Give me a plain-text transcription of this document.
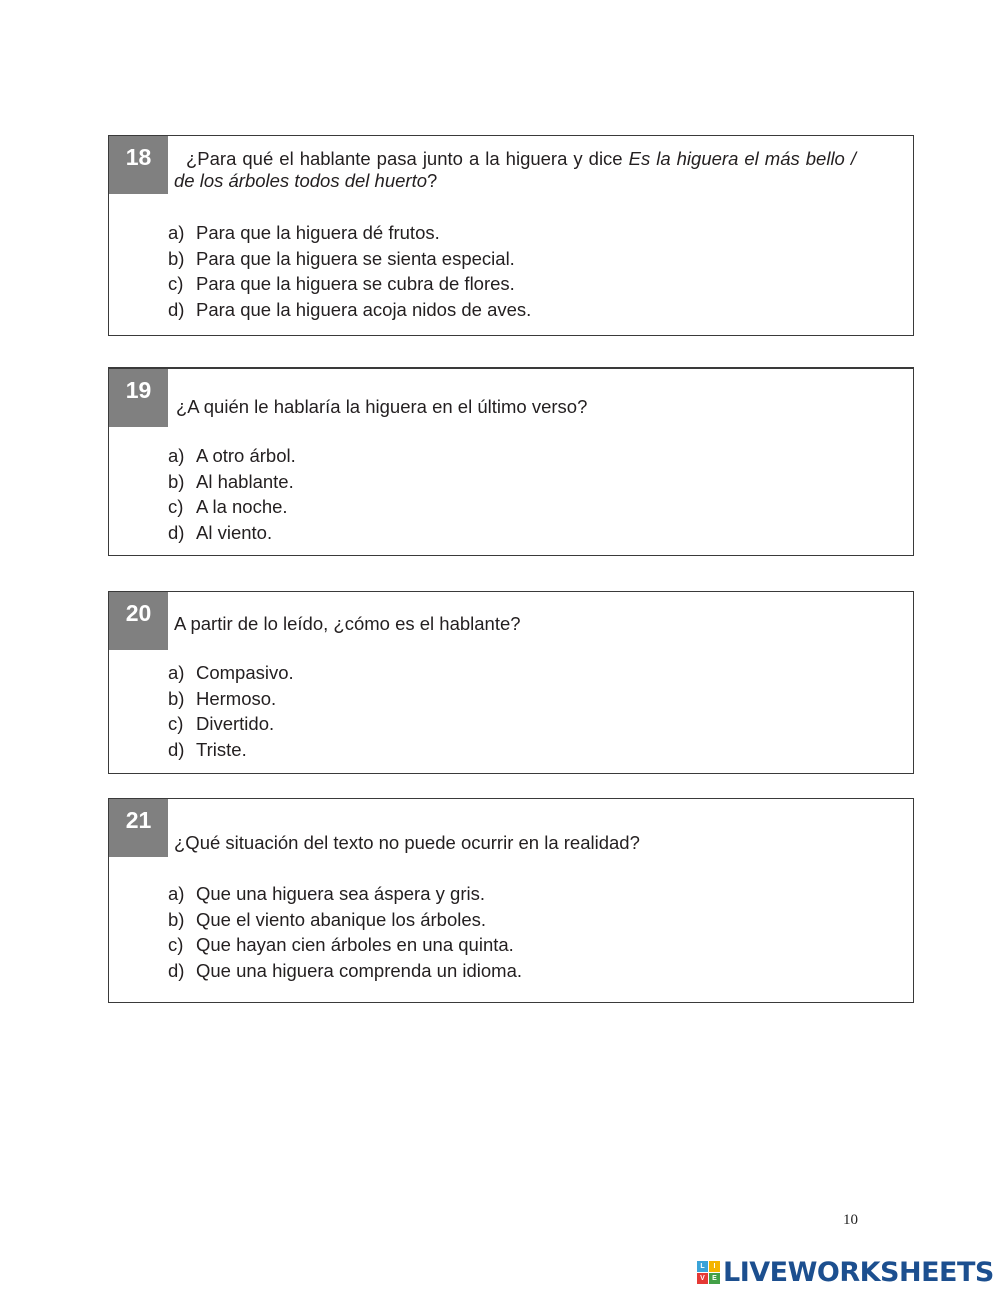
18	¿Para qué el hablante pasa junto a la higuera y dice Es la higuera el más bello / de los árboles todos del huerto?
a) Para que la higuera dé frutos.
b) Para que la higuera se sienta especial.
c) Para que la higuera se cubra de flores.
d) Para que la higuera acoja nidos de aves.
19
¿A quién le hablaría la higuera en el último verso?
a) A otro árbol.
b) Al hablante.
c) A la noche.
d) Al viento.
20	A partir de lo leído, ¿cómo es el hablante?
a) Compasivo.
b) Hermoso.
c) Divertido.
d) Triste.
21
¿Qué situación del texto no puede ocurrir en la realidad?
a) Que una higuera sea áspera y gris.
b) Que el viento abanique los árboles.
c) Que hayan cien árboles en una quinta.
d) Que una higuera comprenda un idioma.
10
L	I
V	E LIVEWORKSHEETS
